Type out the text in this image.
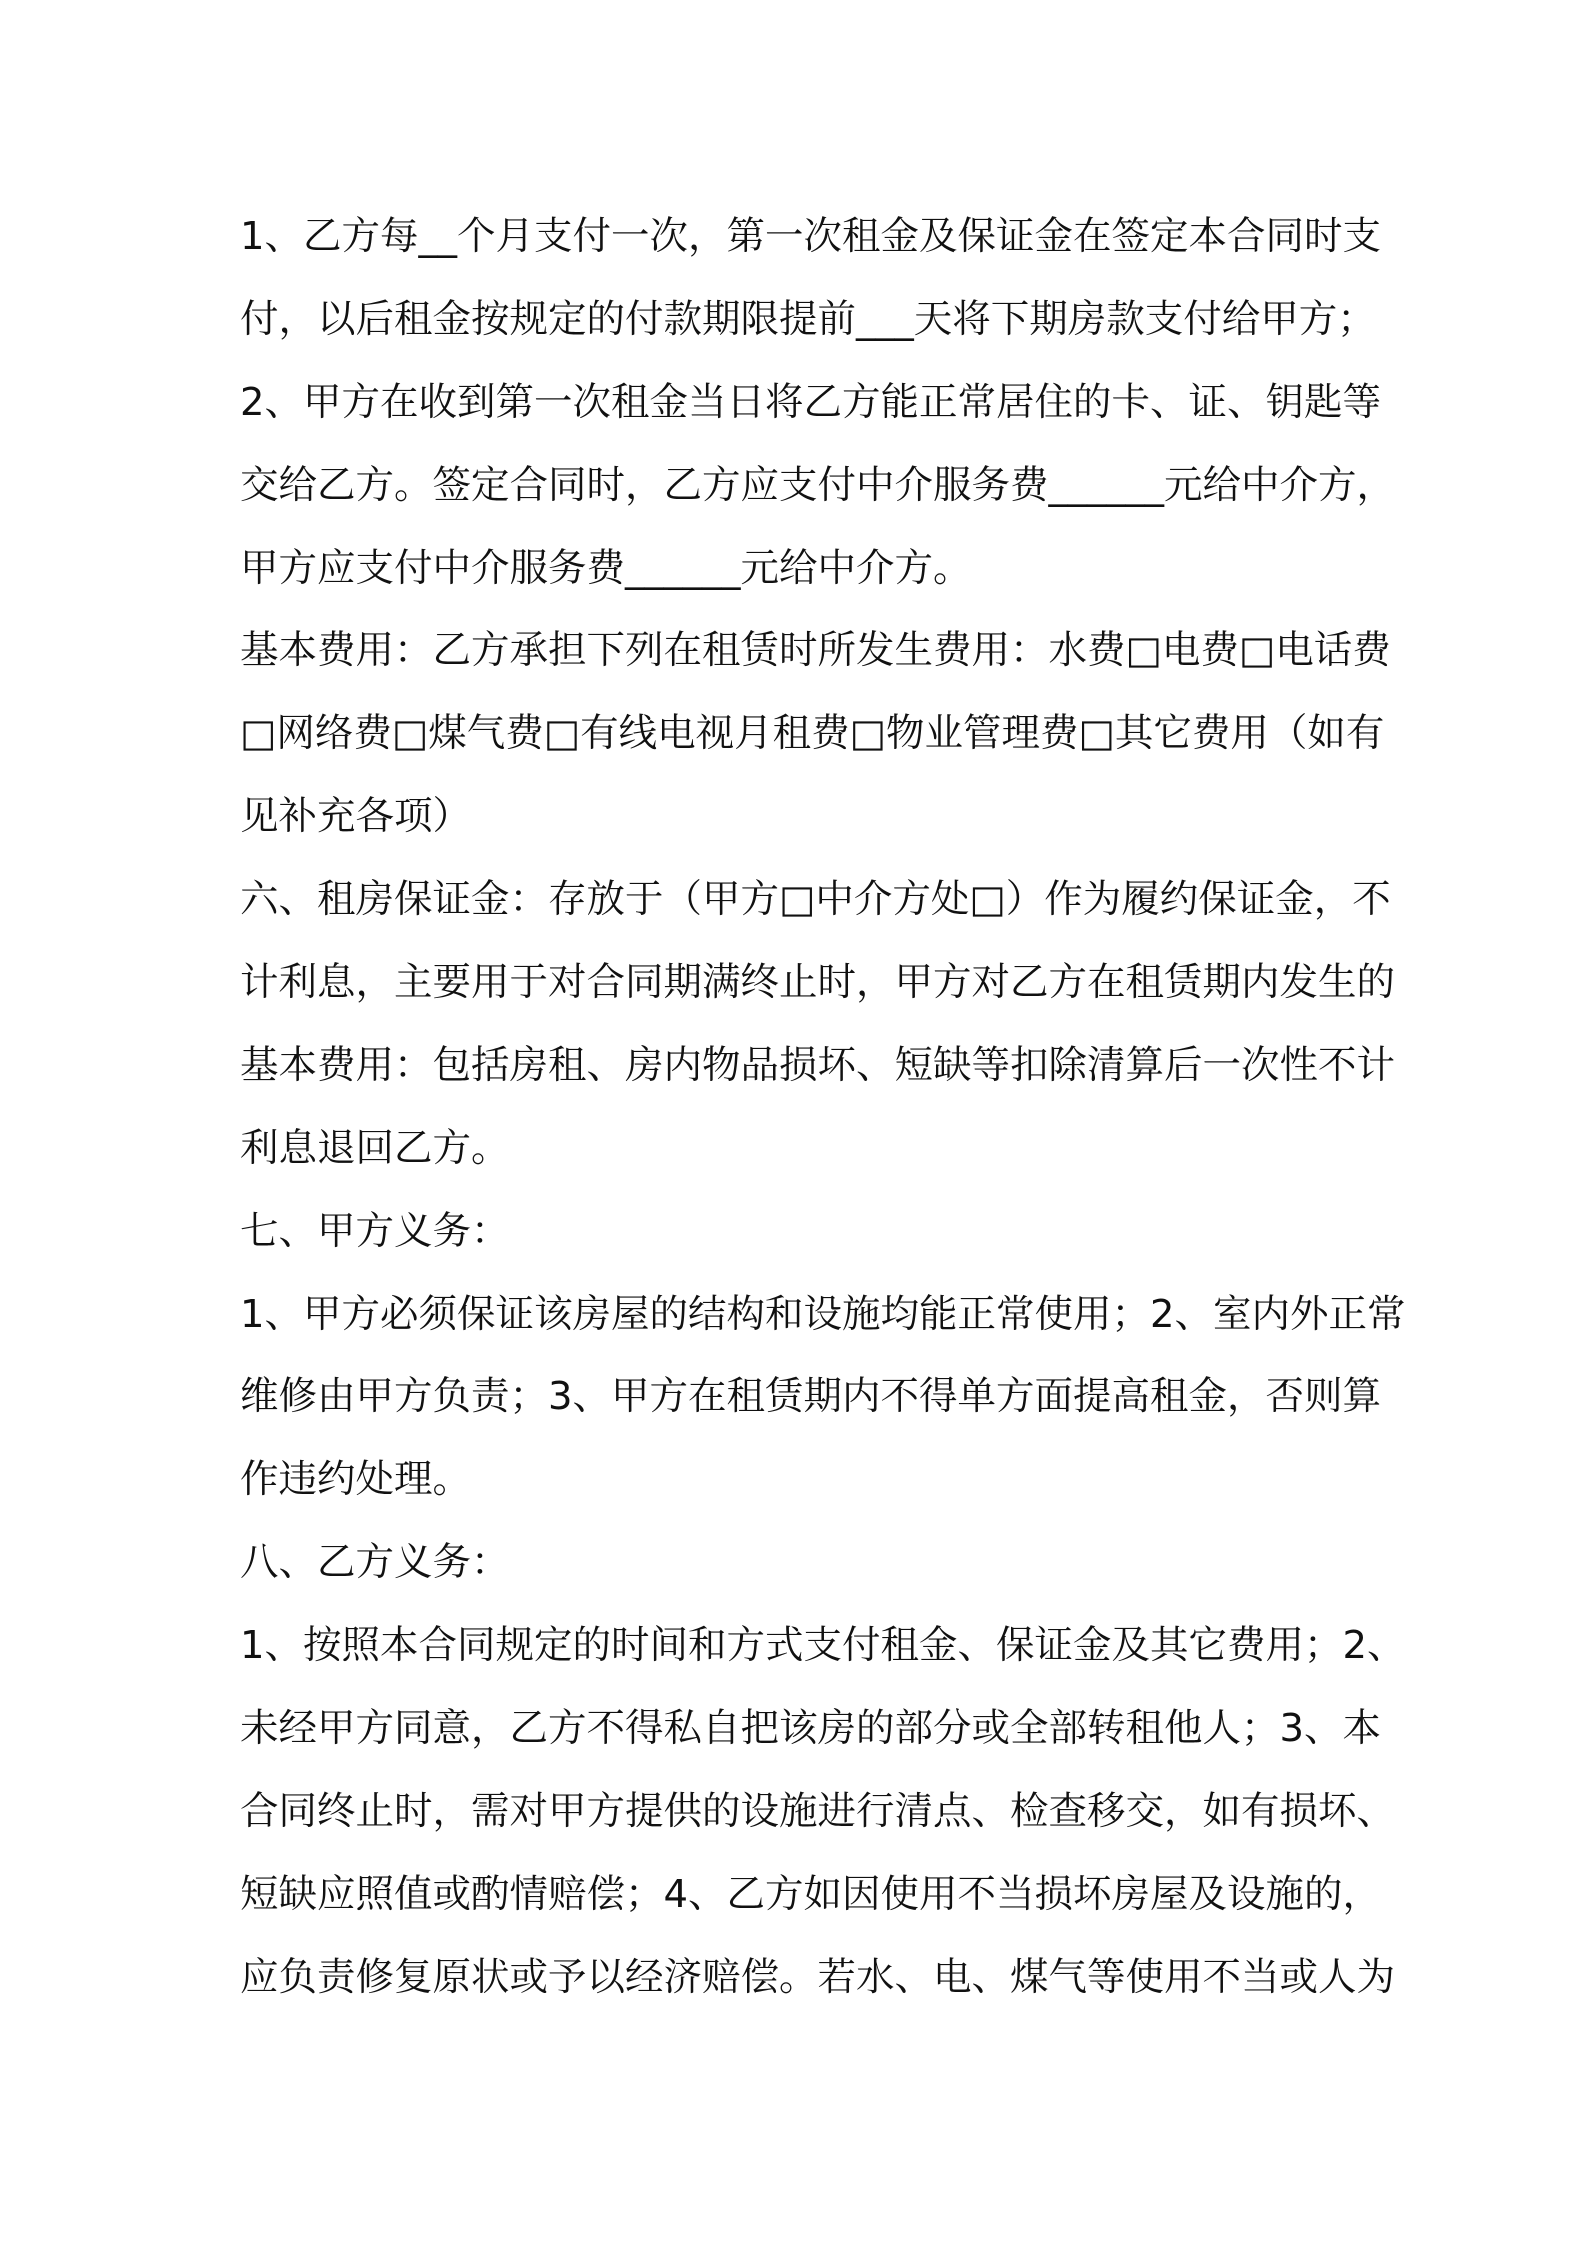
1、乙方每__个月支付一次，第一次租金及保证金在签定本合同时支
付，以后租金按规定的付款期限提前___天将下期房款支付给甲方；
2、甲方在收到第一次租金当日将乙方能正常居住的卡、证、钥匙等
交给乙方。签定合同时，乙方应支付中介服务费______元给中介方，
甲方应支付中介服务费______元给中介方。
基本费用：乙方承担下列在租赁时所发生费用：水费□电费□电话费
□网络费□煤气费□有线电视月租费□物业管理费□其它费用（如有
见补充各项）
六、租房保证金：存放于（甲方□中介方处□）作为履约保证金，不
计利息，主要用于对合同期满终止时，甲方对乙方在租赁期内发生的
基本费用：包括房租、房内物品损坏、短缺等扣除清算后一次性不计
利息退回乙方。
七、甲方义务：
1、甲方必须保证该房屋的结构和设施均能正常使用；2、室内外正常
维修由甲方负责；3、甲方在租赁期内不得单方面提高租金，否则算
作违约处理。
八、乙方义务：
1、按照本合同规定的时间和方式支付租金、保证金及其它费用；2、
未经甲方同意，乙方不得私自把该房的部分或全部转租他人；3、本
合同终止时，需对甲方提供的设施进行清点、检查移交，如有损坏、
短缺应照值或酌情赔偿；4、乙方如因使用不当损坏房屋及设施的，
应负责修复原状或予以经济赔偿。若水、电、煤气等使用不当或人为
